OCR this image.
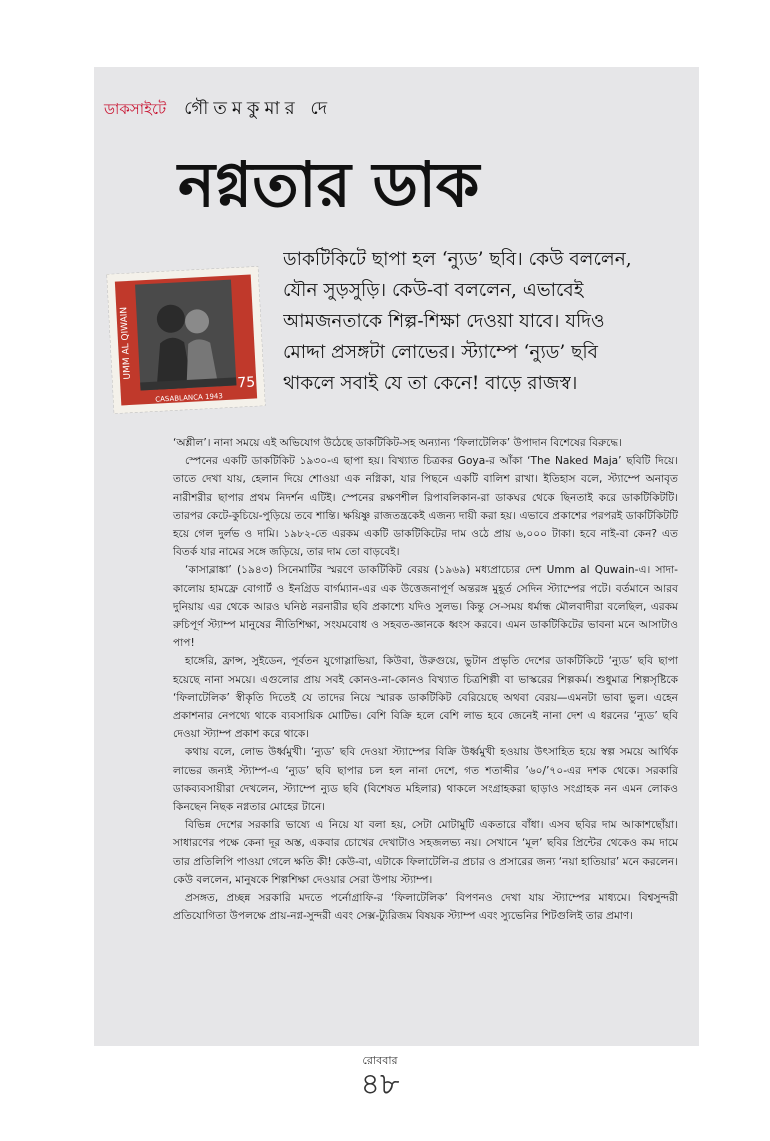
ডাকসাইটে গৌতমকুমার দে
নগ্নতার ডাক
CASABLANCA 1943
UMM AL QIWAIN
75
ডাকটিকিটে ছাপা হল ‘ন্যুড’ ছবি। কেউ বললেন,
যৌন সুড়সুড়ি। কেউ-বা বললেন, এভাবেই
আমজনতাকে শিল্প-শিক্ষা দেওয়া যাবে। যদিও
মোদ্দা প্রসঙ্গটা লোভের। স্ট্যাম্পে ‘ন্যুড’ ছবি
থাকলে সবাই যে তা কেনে! বাড়ে রাজস্ব।

‘অশ্লীল’। নানা সময়ে এই অভিযোগ উঠেছে ডাকটিকিট-সহ অন্যান্য ‘ফিলাটেলিক’ উপাদান বিশেষের বিরুদ্ধে।

স্পেনের একটি ডাকটিকিট ১৯৩০-এ ছাপা হয়। বিখ্যাত চিত্রকর Goya-র আঁকা ‘The Naked Maja’ ছবিটি দিয়ে। তাতে দেখা যায়, হেলান দিয়ে শোওয়া এক নগ্নিকা, যার পিছনে একটি বালিশ রাখা। ইতিহাস বলে, স্ট্যাম্পে অনাবৃত নারীশরীর ছাপার প্রথম নিদর্শন এটিই। স্পেনের রক্ষণশীল রিপাবলিকান-রা ডাকঘর থেকে ছিনতাই করে ডাকটিকিটটি। তারপর কেটে-কুচিয়ে-পুড়িয়ে তবে শান্তি। ক্ষয়িষ্ণু রাজতন্ত্রকেই এজন্য দায়ী করা হয়। এভাবে প্রকাশের পরপরই ডাকটিকিটটি হয়ে গেল দুর্লভ ও দামি। ১৯৮২-তে এরকম একটি ডাকটিকিটের দাম ওঠে প্রায় ৬,০০০ টাকা। হবে নাই-বা কেন? এত বিতর্ক যার নামের সঙ্গে জড়িয়ে, তার দাম তো বাড়বেই।

‘কাসাব্লাঙ্কা’ (১৯৪৩) সিনেমাটির স্মরণে ডাকটিকিট বেরয় (১৯৬৯) মধ্যপ্রাচ্যের দেশ Umm al Quwain-এ। সাদা-কালোয় হামফ্রে বোগার্ট ও ইনগ্রিড বার্গম্যান-এর এক উত্তেজনাপূর্ণ অন্তরঙ্গ মুহূর্ত সেদিন স্ট্যাম্পের পটে। বর্তমানে আরব দুনিয়ায় এর থেকে আরও ঘনিষ্ঠ নরনারীর ছবি প্রকাশ্যে যদিও সুলভ। কিন্তু সে-সময় ধর্মান্ধ মৌলবাদীরা বলেছিল, এরকম রুচিপূর্ণ স্ট্যাম্প মানুষের নীতিশিক্ষা, সংযমবোধ ও সহবত-জ্ঞানকে ধ্বংস করবে। এমন ডাকটিকিটের ভাবনা মনে আসাটাও পাপ!

হাঙ্গেরি, ফ্রান্স, সুইডেন, পূর্বতন যুগোস্লাভিয়া, কিউবা, উরুগুয়ে, ভুটান প্রভৃতি দেশের ডাকটিকিটে ‘ন্যুড’ ছবি ছাপা হয়েছে নানা সময়ে। এগুলোর প্রায় সবই কোনও-না-কোনও বিখ্যাত চিত্রশিল্পী বা ভাস্করের শিল্পকর্ম। শুধুমাত্র শিল্পসৃষ্টিকে ‘ফিলাটেলিক’ স্বীকৃতি দিতেই যে তাদের নিয়ে স্মারক ডাকটিকিট বেরিয়েছে অথবা বেরয়—এমনটা ভাবা ভুল। এহেন প্রকাশনার নেপথ্যে থাকে ব্যবসায়িক মোটিভ। বেশি বিক্রি হলে বেশি লাভ হবে জেনেই নানা দেশ এ ধরনের ‘ন্যুড’ ছবি দেওয়া স্ট্যাম্প প্রকাশ করে থাকে।

কথায় বলে, লোভ উর্ধ্বমুখী। ‘ন্যুড’ ছবি দেওয়া স্ট্যাম্পের বিক্রি উর্ধ্বমুখী হওয়ায় উৎসাহিত হয়ে স্বল্প সময়ে আর্থিক লাভের জন্যই স্ট্যাম্প-এ ‘ন্যুড’ ছবি ছাপার চল হল নানা দেশে, গত শতাব্দীর ’৬০/’৭০-এর দশক থেকে। সরকারি ডাকব্যবসায়ীরা দেখলেন, স্ট্যাম্পে ন্যুড ছবি (বিশেষত মহিলার) থাকলে সংগ্রাহকরা ছাড়াও সংগ্রাহক নন এমন লোকও কিনছেন নিছক নগ্নতার মোহের টানে।

বিভিন্ন দেশের সরকারি ভাষ্যে এ নিয়ে যা বলা হয়, সেটা মোটামুটি একতারে বাঁধা। এসব ছবির দাম আকাশছোঁয়া। সাধারণের পক্ষে কেনা দূর অস্ত, একবার চোখের দেখাটাও সহজলভ্য নয়। সেখানে ‘মূল’ ছবির প্রিন্টের থেকেও কম দামে তার প্রতিলিপি পাওয়া গেলে ক্ষতি কী! কেউ-বা, এটাকে ফিলাটেলি-র প্রচার ও প্রসারের জন্য ‘নয়া হাতিয়ার’ মনে করলেন। কেউ বললেন, মানুষকে শিল্পশিক্ষা দেওয়ার সেরা উপায় স্ট্যাম্প।

প্রসঙ্গত, প্রচ্ছন্ন সরকারি মদতে পর্নোগ্রাফি-র ‘ফিলাটেলিক’ বিপণনও দেখা যায় স্ট্যাম্পের মাধ্যমে। বিশ্বসুন্দরী প্রতিযোগিতা উপলক্ষে প্রায়-নগ্ন-সুন্দরী এবং সেক্স-ট্যুরিজম বিষয়ক স্ট্যাম্প এবং স্যুভেনির শিটগুলিই তার প্রমাণ।

রোববার
৪৮
